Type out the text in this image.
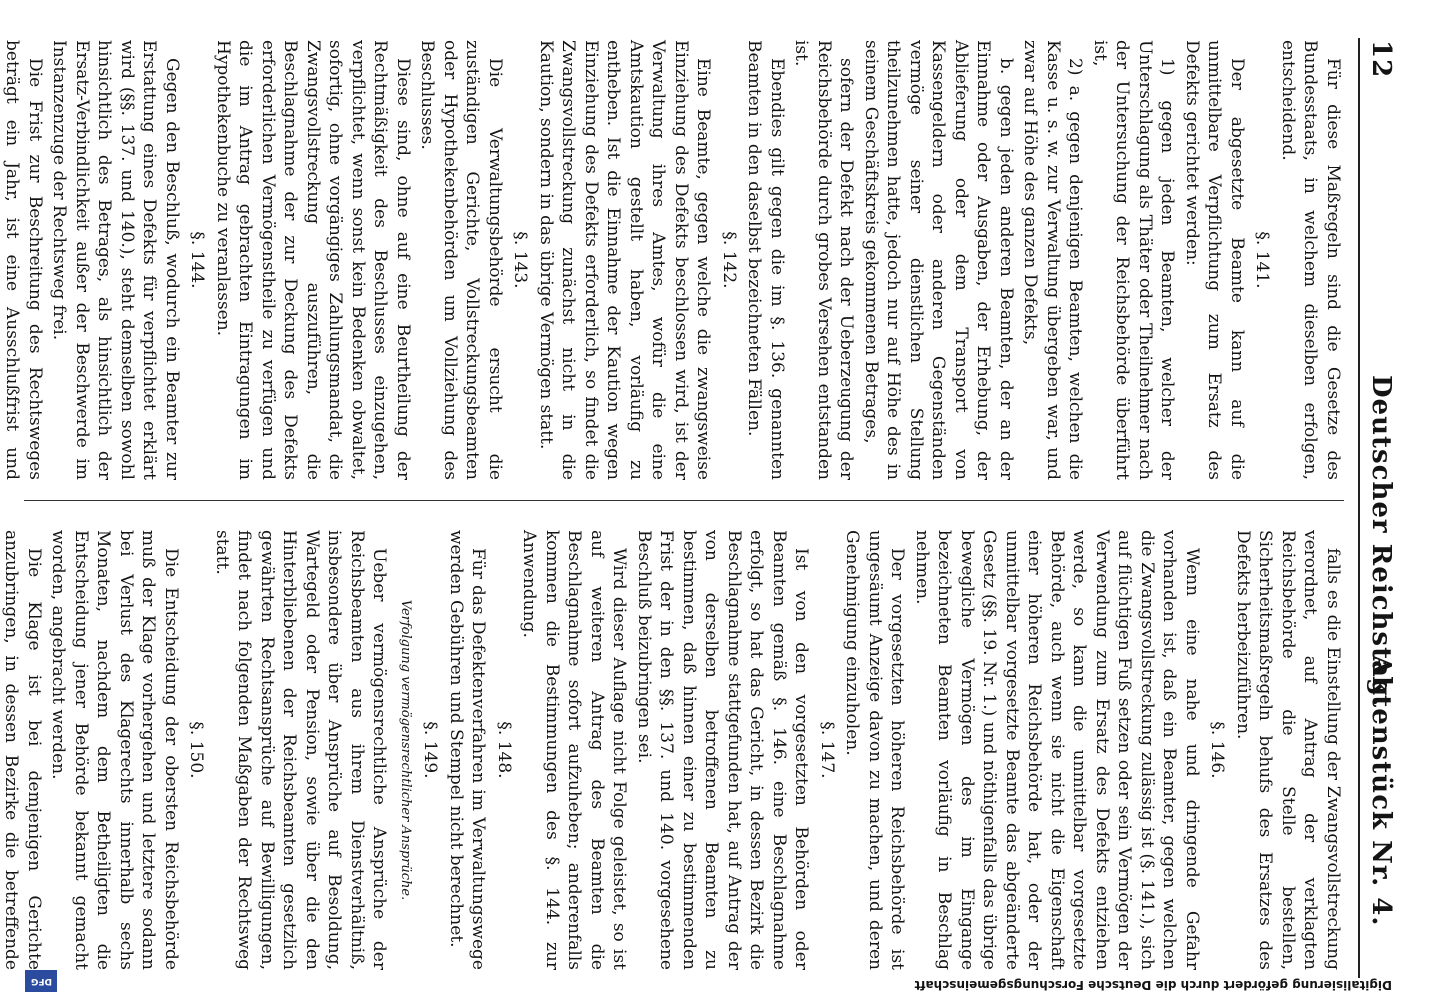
12
Deutscher Reichstag.
Aktenstück Nr. 4.

Für diese Maßregeln sind die Gesetze des Bundesstaats, in welchem dieselben erfolgen, entscheidend.

§. 141.

Der abgesetzte Beamte kann auf die unmittelbare Verpflichtung zum Ersatz des Defekts gerichtet werden:

1) gegen jeden Beamten, welcher der Unterschlagung als Thäter oder Theilnehmer nach der Untersuchung der Reichsbehörde überführt ist,

2) a. gegen denjenigen Beamten, welchen die Kasse u. s. w. zur Verwaltung übergeben war, und zwar auf Höhe des ganzen Defekts,

b. gegen jeden anderen Beamten, der an der Einnahme oder Ausgaben, der Erhebung, der Ablieferung oder dem Transport von Kassengeldern oder anderen Gegenständen vermöge seiner dienstlichen Stellung theilzunehmen hatte, jedoch nur auf Höhe des in seinem Geschäftskreis gekommenen Betrages,

sofern der Defekt nach der Ueberzeugung der Reichsbehörde durch grobes Versehen entstanden ist.

Ebendies gilt gegen die im §. 136. genannten Beamten in den daselbst bezeichneten Fällen.

§. 142.

Eine Beamte, gegen welche die zwangsweise Einziehung des Defekts beschlossen wird, ist der Verwaltung ihres Amtes, wofür die eine Amtskaution gestellt haben, vorläufig zu entheben. Ist die Einnahme der Kaution wegen Einziehung des Defekts erforderlich, so findet die Zwangsvollstreckung zunächst nicht in die Kaution, sondern in das übrige Vermögen statt.

§. 143.

Die Verwaltungsbehörde ersucht die zuständigen Gerichte, Vollstreckungsbeamten oder Hypothekenbehörden um Vollziehung des Beschlusses.

Diese sind, ohne auf eine Beurtheilung der Rechtmäßigkeit des Beschlusses einzugehen, verpflichtet, wenn sonst kein Bedenken obwaltet, sofortig, ohne vorgängiges Zahlungsmandat, die Zwangsvollstreckung auszuführen, die Beschlagnahme der zur Deckung des Defekts erforderlichen Vermögenstheile zu verfügen und die im Antrag gebrachten Eintragungen im Hypothekenbuche zu veranlassen.

§. 144.

Gegen den Beschluß, wodurch ein Beamter zur Erstattung eines Defekts für verpflichtet erklärt wird (§§. 137. und 140.), steht demselben sowohl hinsichtlich des Betrages, als hinsichtlich der Ersatz-Verbindlichkeit außer der Beschwerde im Instanzenzuge der Rechtsweg frei.

Die Frist zur Beschreitung des Rechtsweges beträgt ein Jahr, ist eine Ausschlußfrist und

falls es die Einstellung der Zwangsvollstreckung verordnet, auf Antrag der verklagten Reichsbehörde die Stelle bestellen, Sicherheitsmaßregeln behufs des Ersatzes des Defekts herbeizuführen.

§. 146.

Wenn eine nahe und dringende Gefahr vorhanden ist, daß ein Beamter, gegen welchen die Zwangsvollstreckung zulässig ist (§. 141.), sich auf flüchtigen Fuß setzen oder sein Vermögen der Verwendung zum Ersatz des Defekts entziehen werde, so kann die unmittelbar vorgesetzte Behörde, auch wenn sie nicht die Eigenschaft einer höheren Reichsbehörde hat, oder der unmittelbar vorgesetzte Beamte das abgeänderte Gesetz (§§. 19. Nr. 1.) und nöthigenfalls das übrige bewegliche Vermögen des im Eingange bezeichneten Beamten vorläufig in Beschlag nehmen.

Der vorgesetzten höheren Reichsbehörde ist ungesäumt Anzeige davon zu machen, und deren Genehmigung einzuholen.

§. 147.

Ist von den vorgesetzten Behörden oder Beamten gemäß §. 146. eine Beschlagnahme erfolgt, so hat das Gericht, in dessen Bezirk die Beschlagnahme stattgefunden hat, auf Antrag der von derselben betroffenen Beamten zu bestimmen, daß hinnen einer zu bestimmenden Frist der in den §§. 137. und 140. vorgesehene Beschluß beizubringen sei.

Wird dieser Auflage nicht Folge geleistet, so ist auf weiteren Antrag des Beamten die Beschlagnahme sofort aufzuheben; anderenfalls kommen die Bestimmungen des §. 144. zur Anwendung.

§. 148.

Für das Defektenverfahren im Verwaltungswege werden Gebühren und Stempel nicht berechnet.

§. 149.

Verfolgung vermögensrechtlicher Ansprüche.

Ueber vermögensrechtliche Ansprüche der Reichsbeamten aus ihrem Dienstverhältniß, insbesondere über Ansprüche auf Besoldung, Wartegeld oder Pension, sowie über die den Hinterbliebenen der Reichsbeamten gesetzlich gewährten Rechtsansprüche auf Bewilligungen, findet nach folgenden Maßgaben der Rechtsweg statt.

§. 150.

Die Entscheidung der obersten Reichsbehörde muß der Klage vorhergehen und letztere sodann bei Verlust des Klagerechts innerhalb sechs Monaten, nachdem dem Betheiligten die Entscheidung jener Behörde bekannt gemacht worden, angebracht werden.

Die Klage ist bei demjenigen Gerichte anzubringen, in dessen Bezirke die betreffende

Digitalisierung gefördert durch die Deutsche Forschungsgemeinschaft
DFG
